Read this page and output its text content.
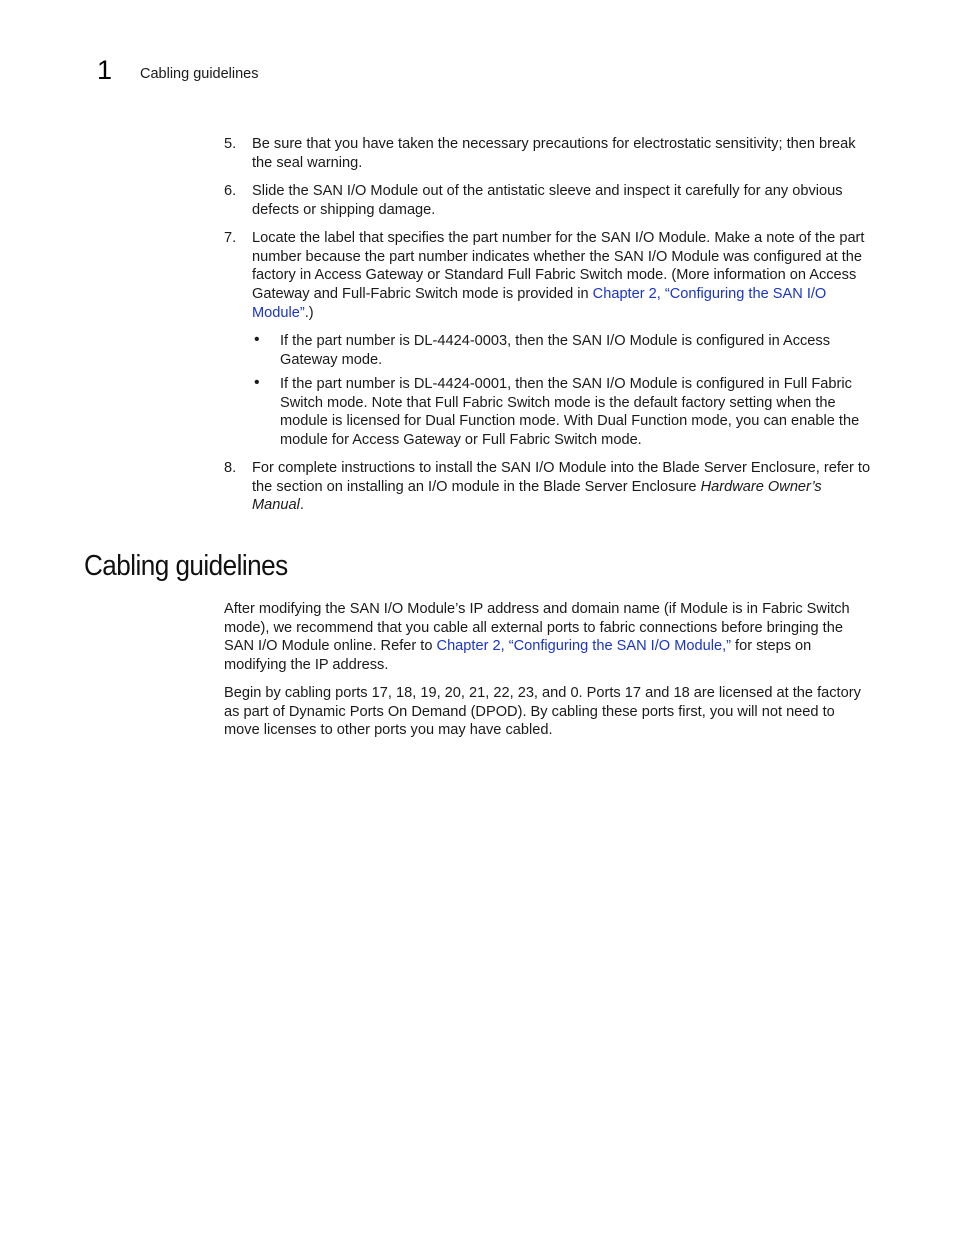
1 Cabling guidelines
5. Be sure that you have taken the necessary precautions for electrostatic sensitivity; then break the seal warning.
6. Slide the SAN I/O Module out of the antistatic sleeve and inspect it carefully for any obvious defects or shipping damage.
7. Locate the label that specifies the part number for the SAN I/O Module. Make a note of the part number because the part number indicates whether the SAN I/O Module was configured at the factory in Access Gateway or Standard Full Fabric Switch mode. (More information on Access Gateway and Full-Fabric Switch mode is provided in Chapter 2, “Configuring the SAN I/O Module”.)
• If the part number is DL-4424-0003, then the SAN I/O Module is configured in Access Gateway mode.
• If the part number is DL-4424-0001, then the SAN I/O Module is configured in Full Fabric Switch mode. Note that Full Fabric Switch mode is the default factory setting when the module is licensed for Dual Function mode. With Dual Function mode, you can enable the module for Access Gateway or Full Fabric Switch mode.
8. For complete instructions to install the SAN I/O Module into the Blade Server Enclosure, refer to the section on installing an I/O module in the Blade Server Enclosure Hardware Owner’s Manual.
Cabling guidelines
After modifying the SAN I/O Module’s IP address and domain name (if Module is in Fabric Switch mode), we recommend that you cable all external ports to fabric connections before bringing the SAN I/O Module online. Refer to Chapter 2, “Configuring the SAN I/O Module,” for steps on modifying the IP address.
Begin by cabling ports 17, 18, 19, 20, 21, 22, 23, and 0. Ports 17 and 18 are licensed at the factory as part of Dynamic Ports On Demand (DPOD). By cabling these ports first, you will not need to move licenses to other ports you may have cabled.
